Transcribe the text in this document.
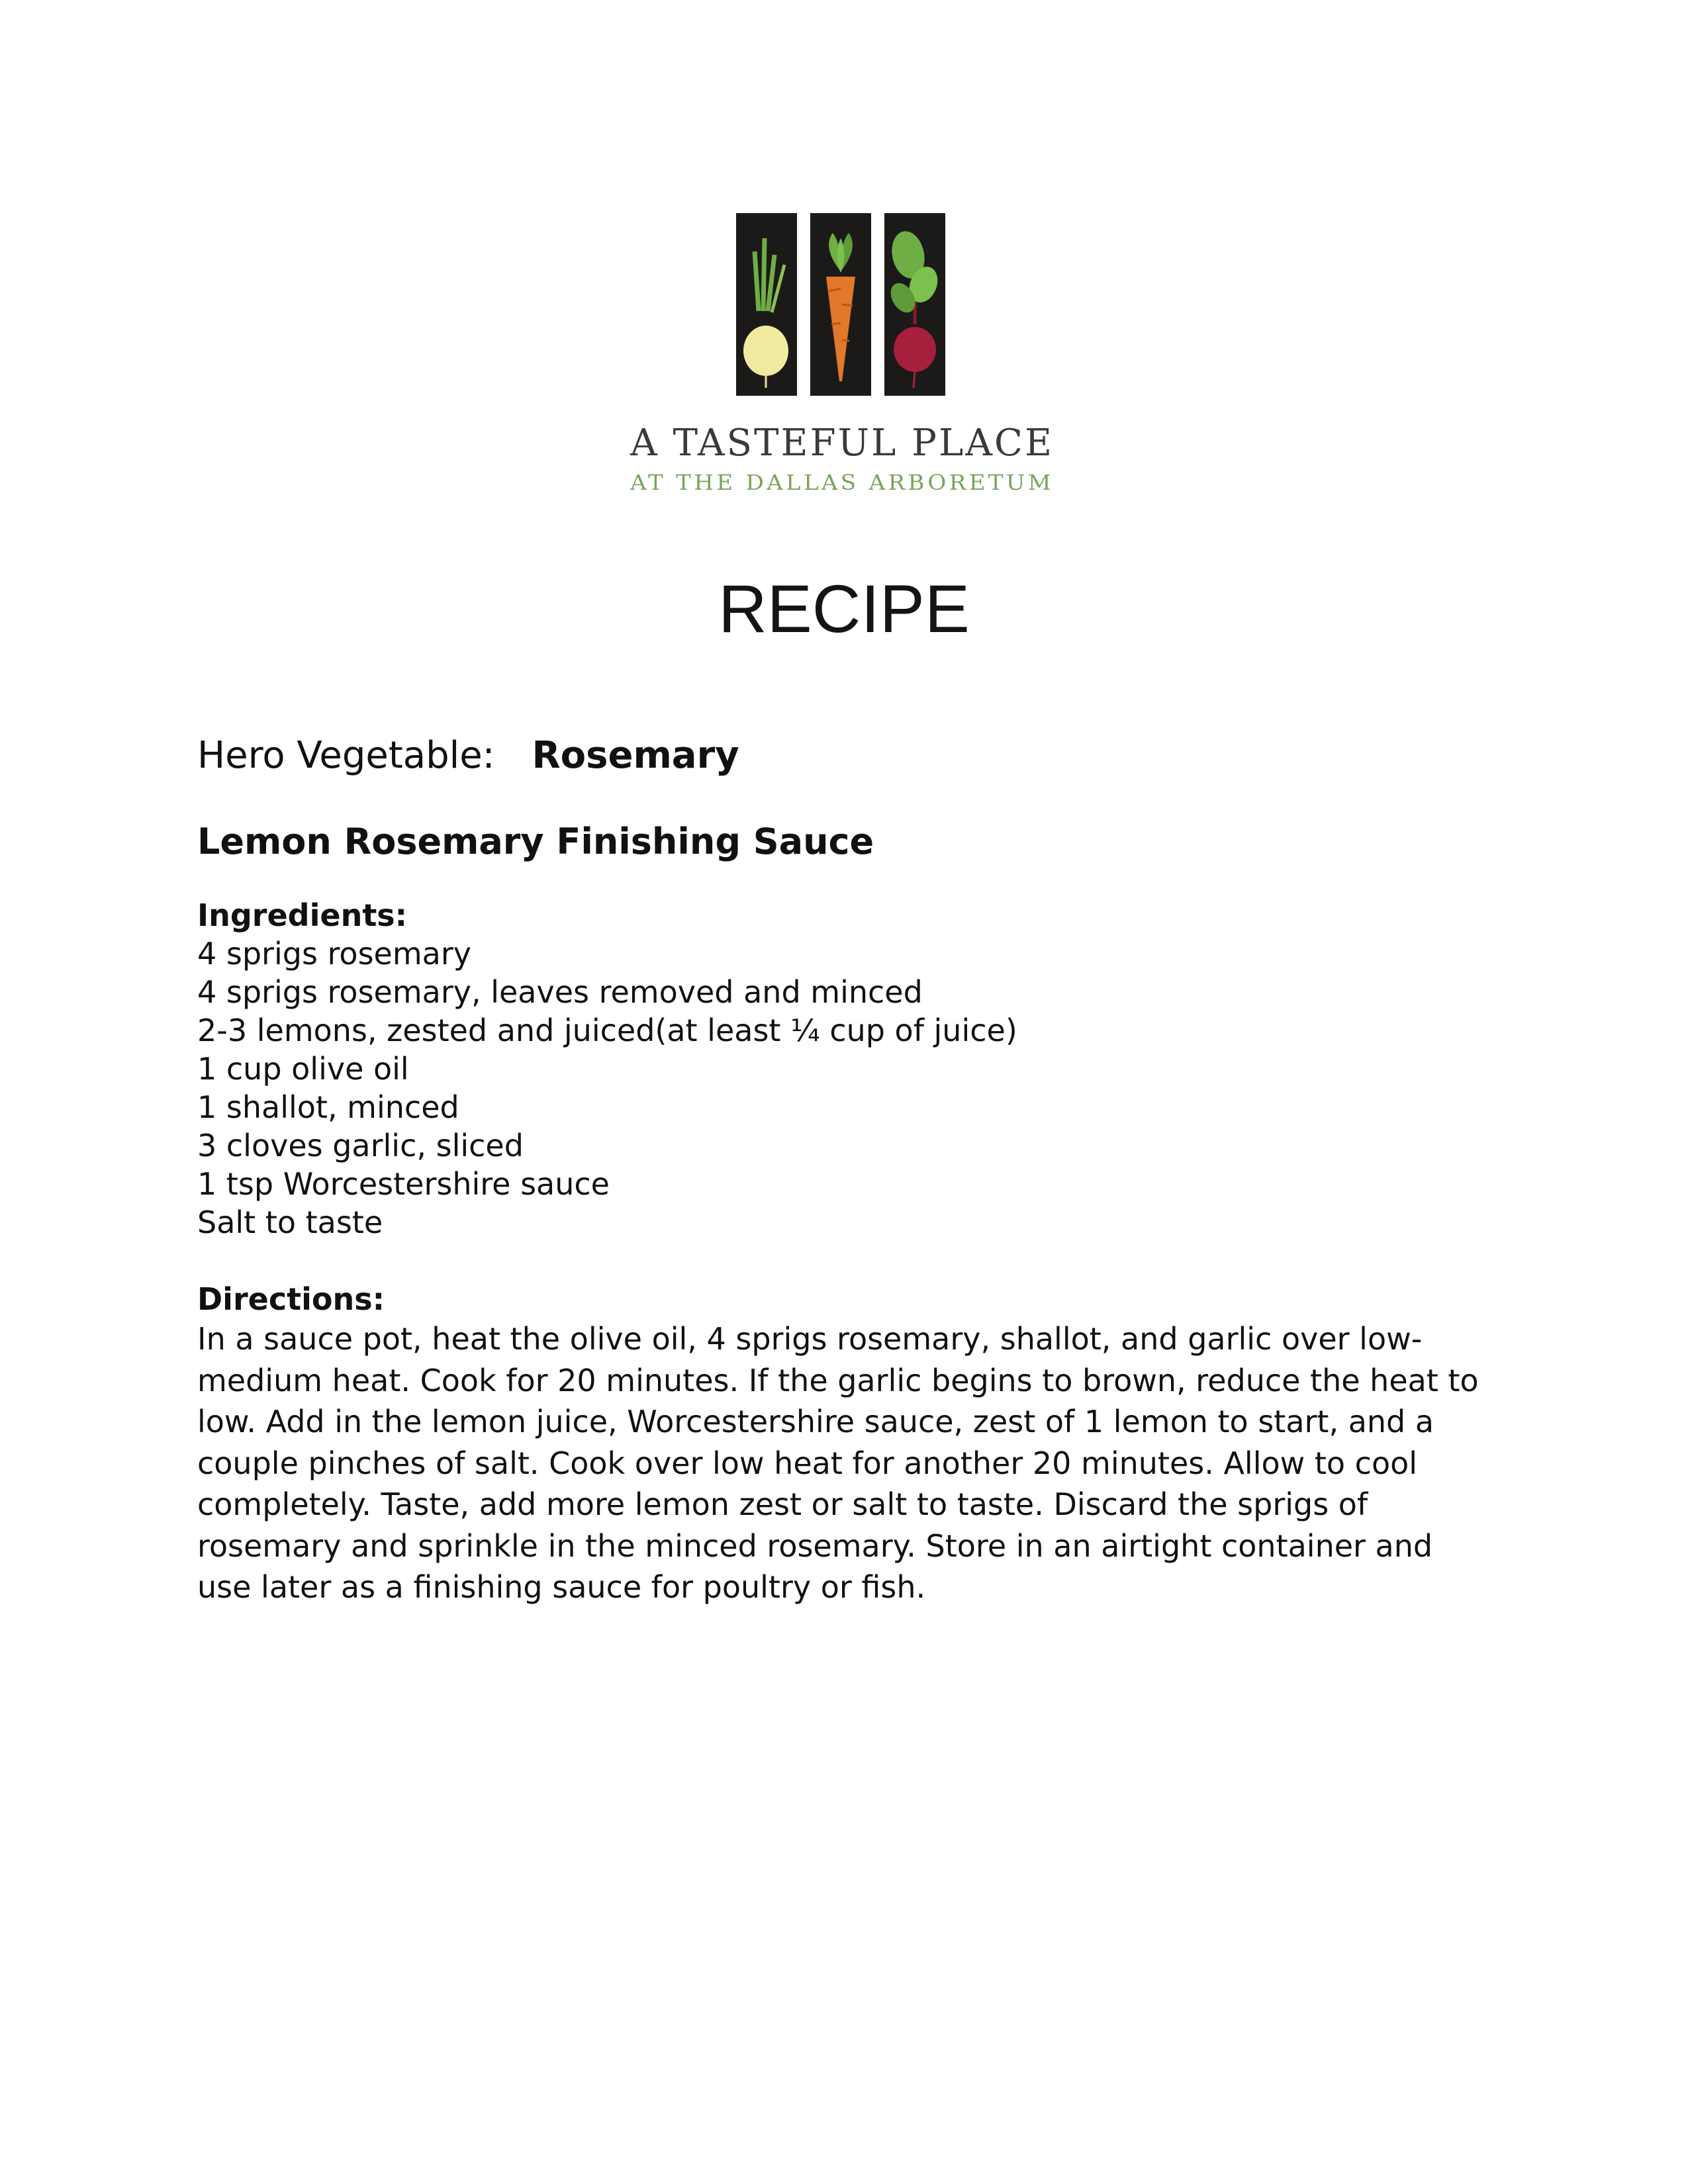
A TASTEFUL PLACE
AT THE DALLAS ARBORETUM
RECIPE

Hero Vegetable: Rosemary

Lemon Rosemary Finishing Sauce
Ingredients:
4 sprigs rosemary
4 sprigs rosemary, leaves removed and minced
2-3 lemons, zested and juiced(at least ¼ cup of juice)
1 cup olive oil
1 shallot, minced
3 cloves garlic, sliced
1 tsp Worcestershire sauce
Salt to taste
Directions:

In a sauce pot, heat the olive oil, 4 sprigs rosemary, shallot, and garlic over low-medium heat. Cook for 20 minutes. If the garlic begins to brown, reduce the heat to low. Add in the lemon juice, Worcestershire sauce, zest of 1 lemon to start, and a couple pinches of salt. Cook over low heat for another 20 minutes. Allow to cool completely. Taste, add more lemon zest or salt to taste. Discard the sprigs of rosemary and sprinkle in the minced rosemary. Store in an airtight container and use later as a finishing sauce for poultry or fish.
